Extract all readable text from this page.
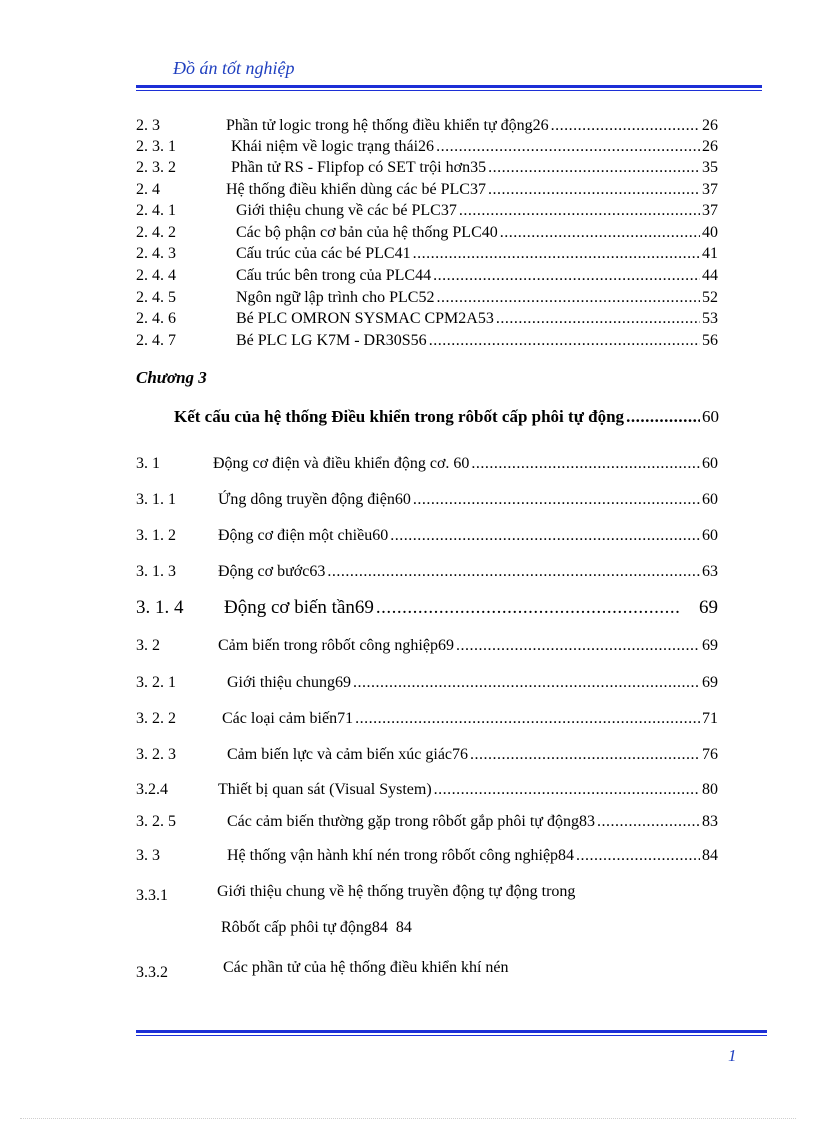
Đồ án tốt nghiệp
2. 3	Phần tử logic trong hệ thống điều khiển tự động26 .....	26
2. 3. 1	Khái niệm về logic trạng thái26 .....	26
2. 3. 2	Phần tử RS - Flipfop có SET trội hơn35 .....	35
2. 4	Hệ thống điều khiển dùng các bé PLC37 .....	37
2. 4. 1	Giới thiệu chung về các bé PLC37 .....	37
2. 4. 2	Các bộ phận cơ bản của hệ thống PLC40 .....	40
2. 4. 3	Cấu trúc của các bé PLC41 .....	41
2. 4. 4	Cấu trúc bên trong của PLC44 .....	44
2. 4. 5	Ngôn ngữ lập trình cho PLC52 .....	52
2. 4. 6	Bé PLC OMRON SYSMAC CPM2A53 .....	53
2. 4. 7	Bé PLC LG K7M - DR30S56 .....	56
Chương 3
Kết cấu của hệ thống Điều khiển trong rôbốt cấp phôi tự động .....	60
3. 1	Động cơ điện và điều khiển động cơ. 60 .....	60
3. 1. 1	Ứng dông truyền động điện60 .....	60
3. 1. 2	Động cơ điện một chiều60 .....	60
3. 1. 3	Động cơ bước63 .....	63
3. 1. 4 Động cơ biến tần69 .....	69
3. 2	Cảm biến trong rôbốt công nghiệp69 .....	69
3. 2. 1	Giới thiệu chung69 .....	69
3. 2. 2	Các loại cảm biến71 .....	71
3. 2. 3	Cảm biến lực và cảm biến xúc giác76 .....	76
3.2.4	Thiết bị quan sát (Visual System) .....	80
3. 2. 5	Các cảm biến thường gặp trong rôbốt gắp phôi tự động83 .....	83
3. 3	Hệ thống vận hành khí nén trong rôbốt công nghiệp84 .....	84
3.3.1	Giới thiệu chung về hệ thống truyền động tự động trong
Rôbốt cấp phôi tự động84 84
3.3.2	Các phần tử của hệ thống điều khiển khí nén
1
